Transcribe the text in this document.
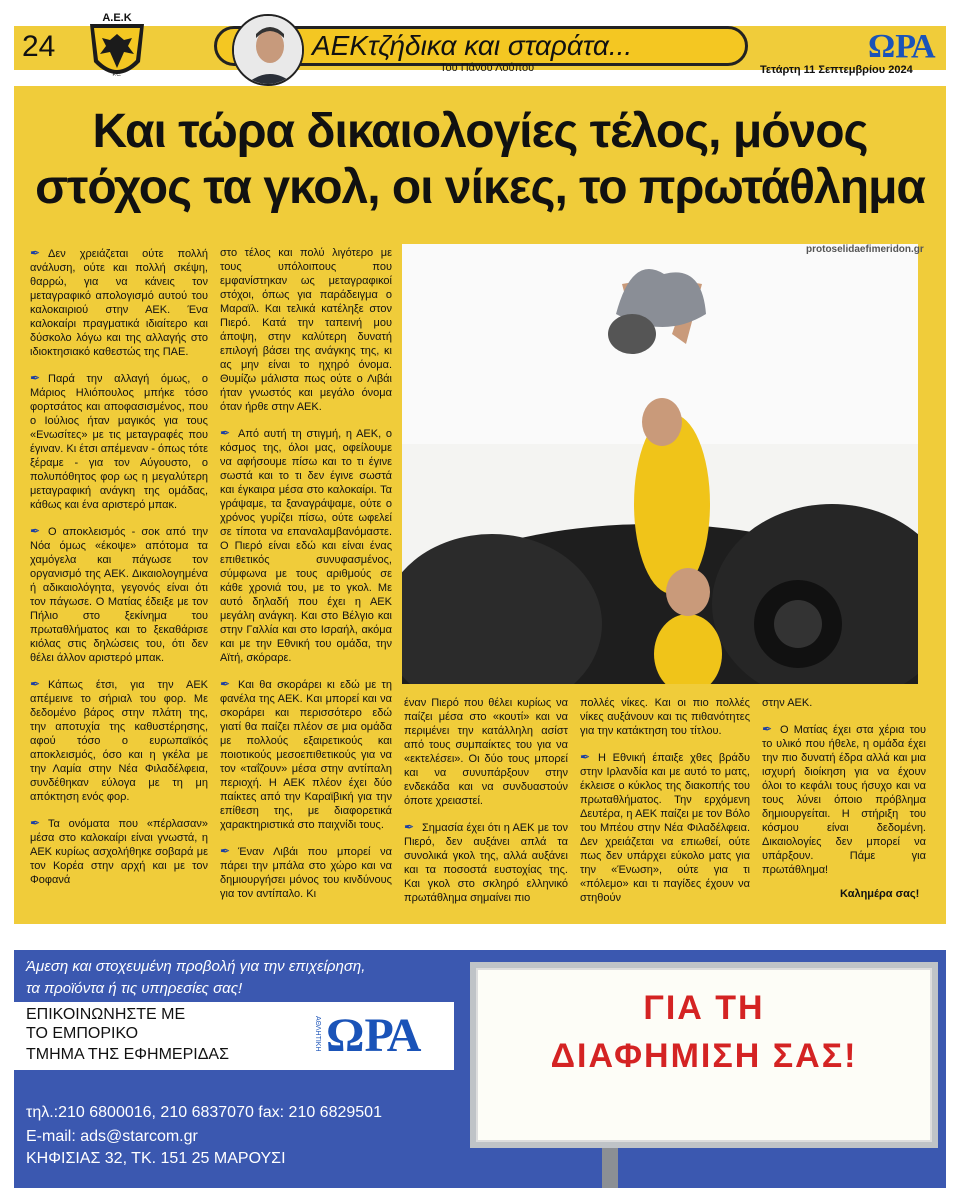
24
Α.Ε.Κ
F.C.
ΑΕΚτζήδικα και σταράτα...
Του Πάνου Λούπου
ΩΡΑ
Τετάρτη 11 Σεπτεμβρίου 2024
Και τώρα δικαιολογίες τέλος, μόνος
στόχος τα γκολ, οι νίκες, το πρωτάθλημα

✒ Δεν χρειάζεται ούτε πολλή ανάλυση, ούτε και πολλή σκέψη, θαρρώ, για να κάνεις τον μεταγραφικό απολογισμό αυτού του καλοκαιριού στην ΑΕΚ. Ένα καλοκαίρι πραγματικά ιδιαίτερο και δύσκολο λόγω και της αλλαγής στο ιδιοκτησιακό καθεστώς της ΠΑΕ.

✒ Παρά την αλλαγή όμως, ο Μάριος Ηλιόπουλος μπήκε τόσο φορτσάτος και αποφασισμένος, που ο Ιούλιος ήταν μαγικός για τους «Ενωσίτες» με τις μεταγραφές που έγιναν. Κι έτσι απέμεναν - όπως τότε ξέραμε - για τον Αύγουστο, ο πολυπόθητος φορ ως η μεγαλύτερη μεταγραφική ανάγκη της ομάδας, κάθως και ένα αριστερό μπακ.

✒ Ο αποκλεισμός - σοκ από την Νόα όμως «έκοψε» απότομα τα χαμόγελα και πάγωσε τον οργανισμό της ΑΕΚ. Δικαιολογημένα ή αδικαιολόγητα, γεγονός είναι ότι τον πάγωσε. Ο Ματίας έδειξε με τον Πήλιο στο ξεκίνημα του πρωταθλήματος και το ξεκαθάρισε κιόλας στις δηλώσεις του, ότι δεν θέλει άλλον αριστερό μπακ.

✒ Κάπως έτσι, για την ΑΕΚ απέμεινε το σήριαλ του φορ. Με δεδομένο βάρος στην πλάτη της, την αποτυχία της καθυστέρησης, αφού τόσο ο ευρωπαϊκός αποκλεισμός, όσο και η γκέλα με την Λαμία στην Νέα Φιλαδέλφεια, συνδέθηκαν εύλογα με τη μη απόκτηση ενός φορ.

✒ Τα ονόματα που «πέρλασαν» μέσα στο καλοκαίρι είναι γνωστά, η ΑΕΚ κυρίως ασχολήθηκε σοβαρά με τον Κορέα στην αρχή και με τον Φοφανά

στο τέλος και πολύ λιγότερο με τους υπόλοιπους που εμφανίστηκαν ως μεταγραφικοί στόχοι, όπως για παράδειγμα ο Μαραϊλ. Και τελικά κατέληξε στον Πιερό. Κατά την ταπεινή μου άποψη, στην καλύτερη δυνατή επιλογή βάσει της ανάγκης της, κι ας μην είναι το ηχηρό όνομα. Θυμίζω μάλιστα πως ούτε ο Λιβάι ήταν γνωστός και μεγάλο όνομα όταν ήρθε στην ΑΕΚ.

✒ Από αυτή τη στιγμή, η ΑΕΚ, ο κόσμος της, όλοι μας, οφείλουμε να αφήσουμε πίσω και το τι έγινε σωστά και το τι δεν έγινε σωστά και έγκαιρα μέσα στο καλοκαίρι. Τα γράψαμε, τα ξαναγράψαμε, ούτε ο χρόνος γυρίζει πίσω, ούτε ωφελεί σε τίποτα να επαναλαμβανόμαστε. Ο Πιερό είναι εδώ και είναι ένας επιθετικός συνυφασμένος, σύμφωνα με τους αριθμούς σε κάθε χρονιά του, με το γκολ. Με αυτό δηλαδή που έχει η ΑΕΚ μεγάλη ανάγκη. Και στο Βέλγιο και στην Γαλλία και στο Ισραήλ, ακόμα και με την Εθνική του ομάδα, την Αϊτή, σκόραρε.

✒ Και θα σκοράρει κι εδώ με τη φανέλα της ΑΕΚ. Και μπορεί και να σκοράρει και περισσότερο εδώ γιατί θα παίζει πλέον σε μια ομάδα με πολλούς εξαιρετικούς και ποιοτικούς μεσοεπιθετικούς για να τον «ταΐζουν» μέσα στην αντίπαλη περιοχή. Η ΑΕΚ πλέον έχει δύο παίκτες από την Καραϊβική για την επίθεση της, με διαφορετικά χαρακτηριστικά στο παιχνίδι τους.

✒ Έναν Λιβάι που μπορεί να πάρει την μπάλα στο χώρο και να δημιουργήσει μόνος του κινδύνους για τον αντίπαλο. Κι

protoselidaefimeridon.gr

έναν Πιερό που θέλει κυρίως να παίζει μέσα στο «κουτί» και να περιμένει την κατάλληλη ασίστ από τους συμπαίκτες του για να «εκτελέσει». Οι δύο τους μπορεί και να συνυπάρξουν στην ενδεκάδα και να συνδυαστούν όποτε χρειαστεί.

✒ Σημασία έχει ότι η ΑΕΚ με τον Πιερό, δεν αυξάνει απλά τα συνολικά γκολ της, αλλά αυξάνει και τα ποσοστά ευστοχίας της. Και γκολ στο σκληρό ελληνικό πρωτάθλημα σημαίνει πιο

πολλές νίκες. Και οι πιο πολλές νίκες αυξάνουν και τις πιθανότητες για την κατάκτηση του τίτλου.

✒ Η Εθνική έπαιξε χθες βράδυ στην Ιρλανδία και με αυτό το ματς, έκλεισε ο κύκλος της διακοπής του πρωταθλήματος. Την ερχόμενη Δευτέρα, η ΑΕΚ παίζει με τον Βόλο του Μπέου στην Νέα Φιλαδέλφεια. Δεν χρειάζεται να επιωθεί, ούτε πως δεν υπάρχει εύκολο ματς για την «Ένωση», ούτε για τι «πόλεμο» και τι παγίδες έχουν να στηθούν

στην ΑΕΚ.

✒ Ο Ματίας έχει στα χέρια του το υλικό που ήθελε, η ομάδα έχει την πιο δυνατή έδρα αλλά και μια ισχυρή διοίκηση για να έχουν όλοι το κεφάλι τους ήσυχο και να τους λύνει όποιο πρόβλημα δημιουργείται. Η στήριξη του κόσμου είναι δεδομένη. Δικαιολογίες δεν μπορεί να υπάρξουν. Πάμε για πρωτάθλημα!

Καλημέρα σας!
Άμεση και στοχευμένη προβολή για την επιχείρηση,
τα προϊόντα ή τις υπηρεσίες σας!
ΕΠΙΚΟΙΝΩΝΗΣΤΕ ΜΕ
ΤΟ ΕΜΠΟΡΙΚΟ
ΤΜΗΜΑ ΤΗΣ ΕΦΗΜΕΡΙΔΑΣ
ΑΘΛΗΤΙΚΗ ΩΡΑ
τηλ.:210 6800016, 210 6837070 fax: 210 6829501
E-mail: ads@starcom.gr
ΚΗΦΙΣΙΑΣ 32, ΤΚ. 151 25 ΜΑΡΟΥΣΙ
ΓΙΑ ΤΗ
ΔΙΑΦΗΜΙΣΗ ΣΑΣ!
